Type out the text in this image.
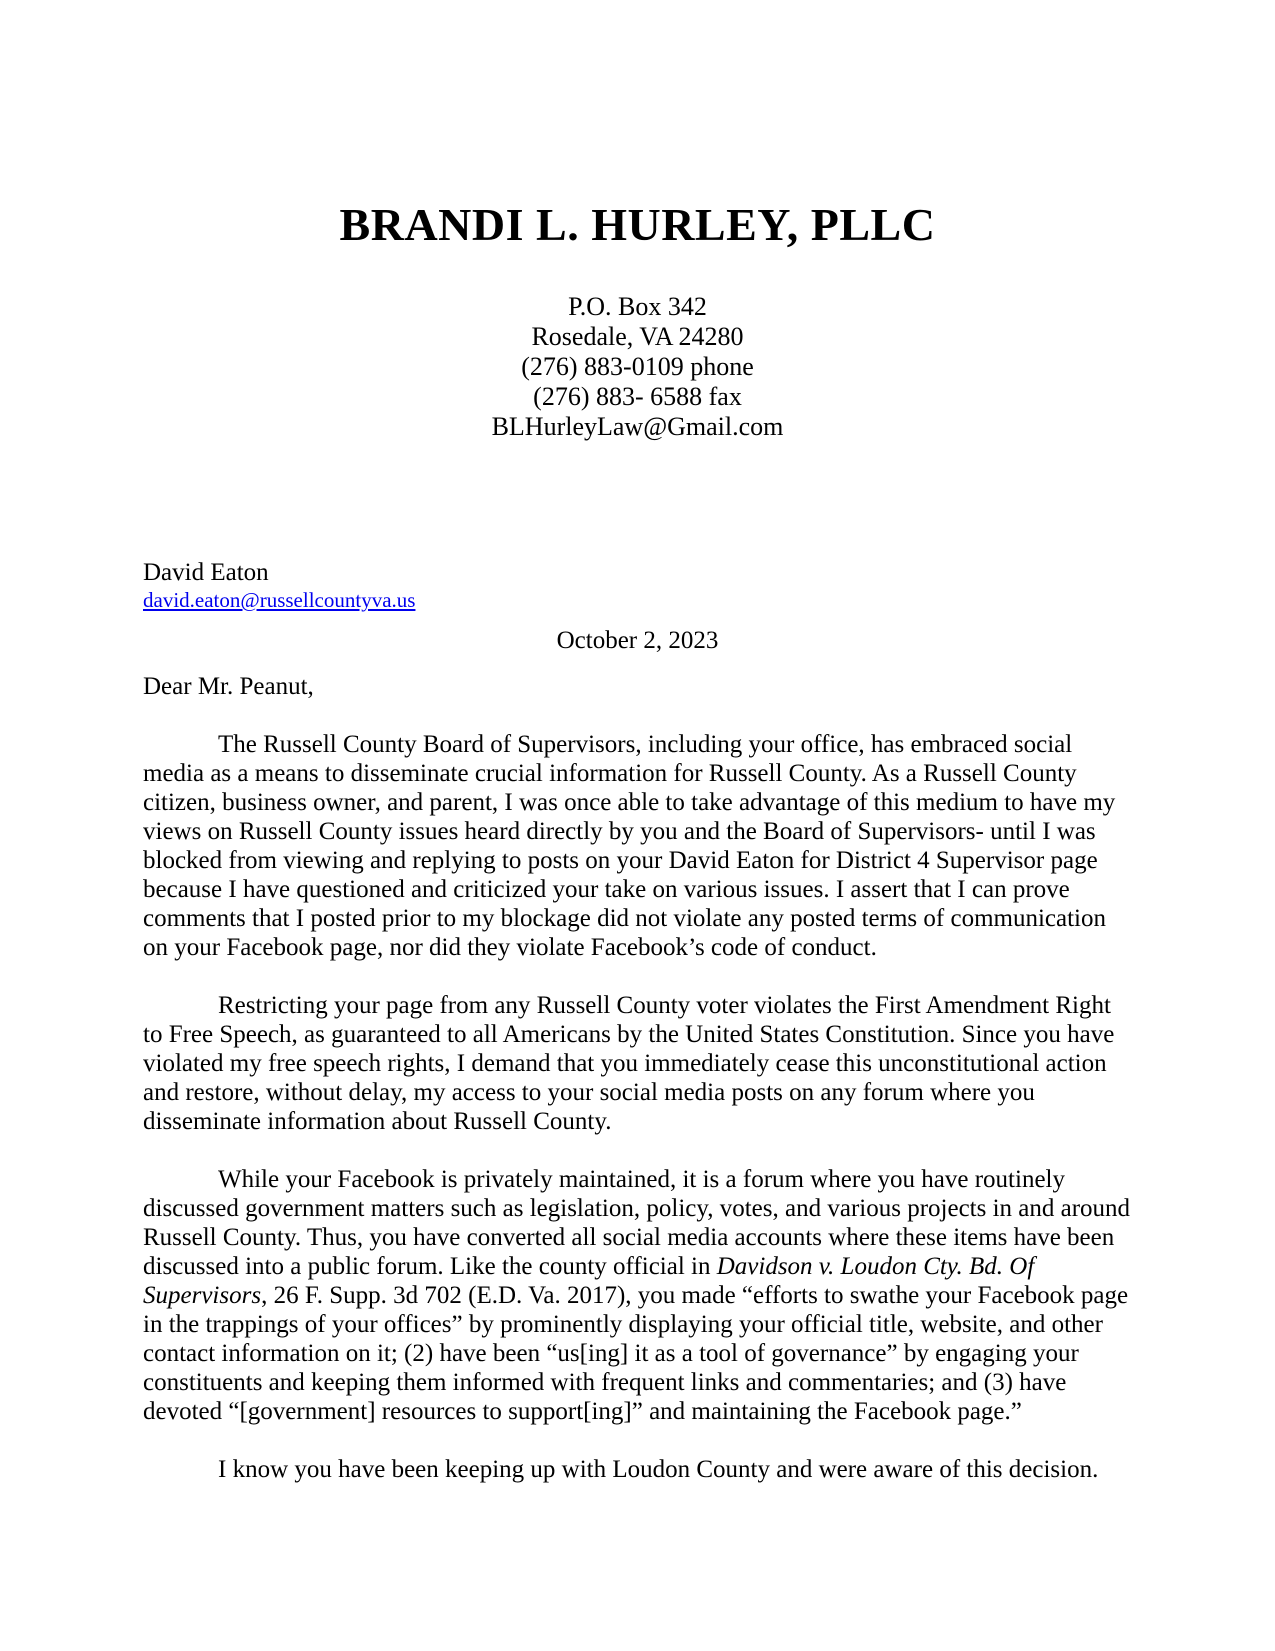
BRANDI L. HURLEY, PLLC
P.O. Box 342
Rosedale, VA 24280
(276) 883-0109 phone
(276) 883- 6588 fax
BLHurleyLaw@Gmail.com
David Eaton
david.eaton@russellcountyva.us
October 2, 2023

Dear Mr. Peanut,

The Russell County Board of Supervisors, including your office, has embraced social media as a means to disseminate crucial information for Russell County. As a Russell County citizen, business owner, and parent, I was once able to take advantage of this medium to have my views on Russell County issues heard directly by you and the Board of Supervisors- until I was blocked from viewing and replying to posts on your David Eaton for District 4 Supervisor page because I have questioned and criticized your take on various issues. I assert that I can prove comments that I posted prior to my blockage did not violate any posted terms of communication on your Facebook page, nor did they violate Facebook’s code of conduct.

Restricting your page from any Russell County voter violates the First Amendment Right to Free Speech, as guaranteed to all Americans by the United States Constitution. Since you have violated my free speech rights, I demand that you immediately cease this unconstitutional action and restore, without delay, my access to your social media posts on any forum where you disseminate information about Russell County.

While your Facebook is privately maintained, it is a forum where you have routinely discussed government matters such as legislation, policy, votes, and various projects in and around Russell County. Thus, you have converted all social media accounts where these items have been discussed into a public forum. Like the county official in Davidson v. Loudon Cty. Bd. Of Supervisors, 26 F. Supp. 3d 702 (E.D. Va. 2017), you made “efforts to swathe your Facebook page in the trappings of your offices” by prominently displaying your official title, website, and other contact information on it; (2) have been “us[ing] it as a tool of governance” by engaging your constituents and keeping them informed with frequent links and commentaries; and (3) have devoted “[government] resources to support[ing]” and maintaining the Facebook page.”

I know you have been keeping up with Loudon County and were aware of this decision.
